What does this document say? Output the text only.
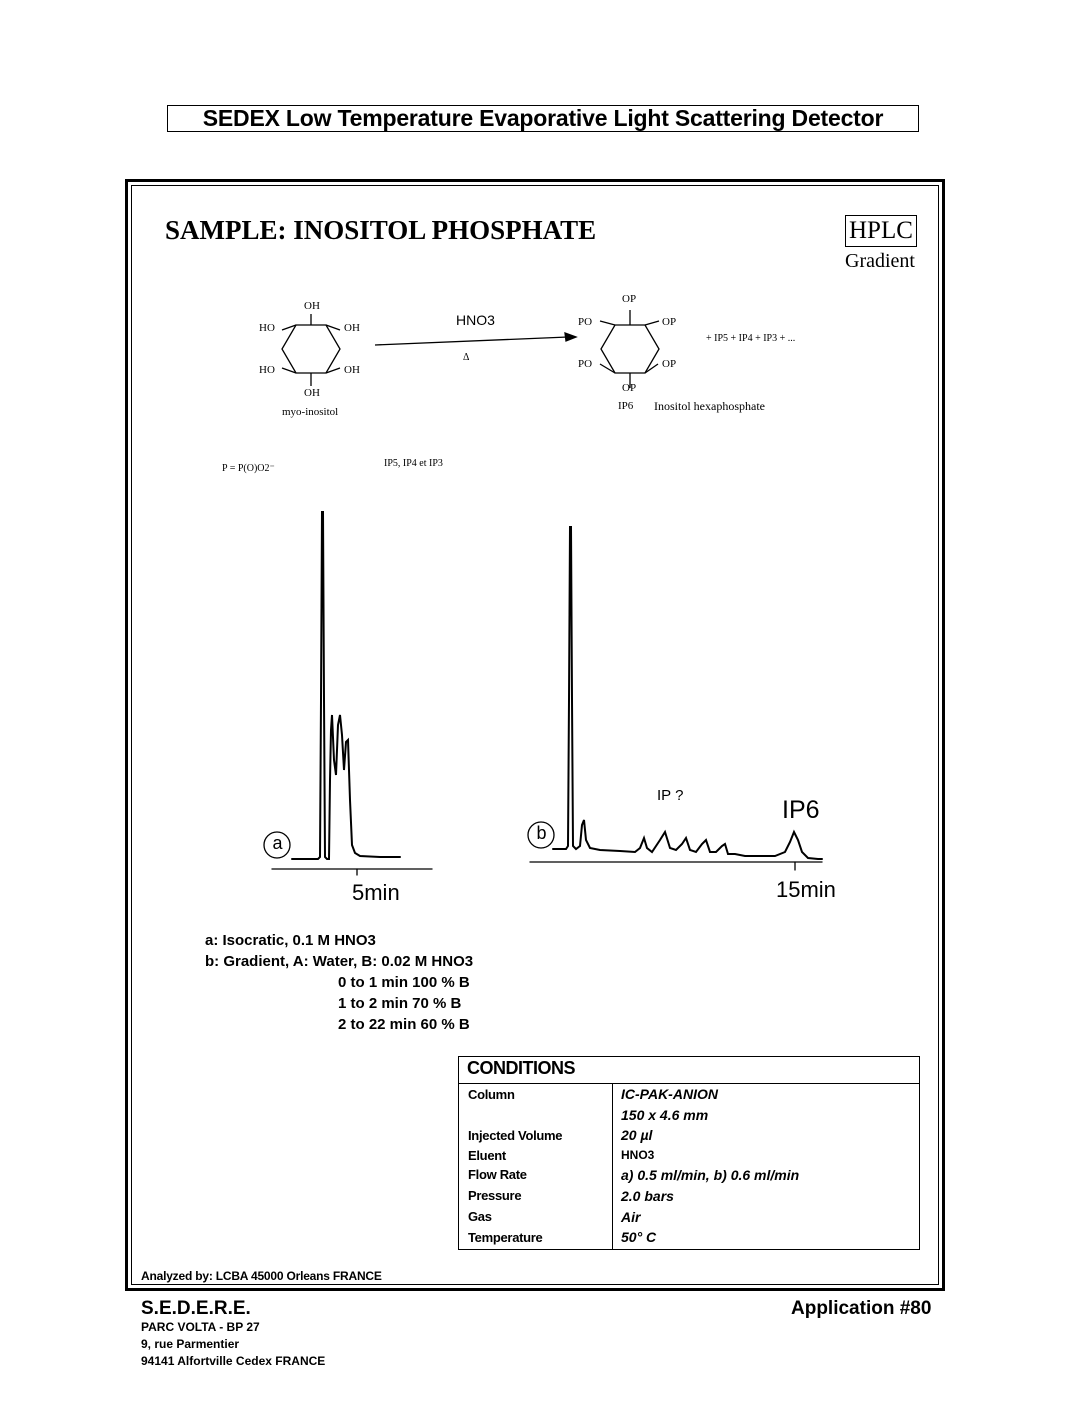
SEDEX Low Temperature Evaporative Light Scattering Detector
SAMPLE: INOSITOL PHOSPHATE	HPLC
Gradient
OH
HO	OH
HO	OH
OH
myo-inositol
HNO3
Δ
OP
PO	OP
PO	OP
OP
IP6 Inositol hexaphosphate
+ IP5 + IP4 + IP3 + ...
P = P(O)O2⁻	IP5, IP4 et IP3
a
5min
b
15min
IP ?
IP6
a: Isocratic, 0.1 M HNO3
b: Gradient, A: Water, B: 0.02 M HNO3
0 to 1 min 100 % B
1 to 2 min 70 % B
2 to 22 min 60 % B
CONDITIONS
Column	IC-PAK-ANION
150 x 4.6 mm
Injected Volume	20 µl
Eluent	HNO3
Flow Rate	a) 0.5 ml/min, b) 0.6 ml/min
Pressure	2.0 bars
Gas	Air
Temperature	50° C
Analyzed by: LCBA 45000 Orleans FRANCE
S.E.D.E.R.E.
PARC VOLTA - BP 27
9, rue Parmentier
94141 Alfortville Cedex FRANCE
Application #80
